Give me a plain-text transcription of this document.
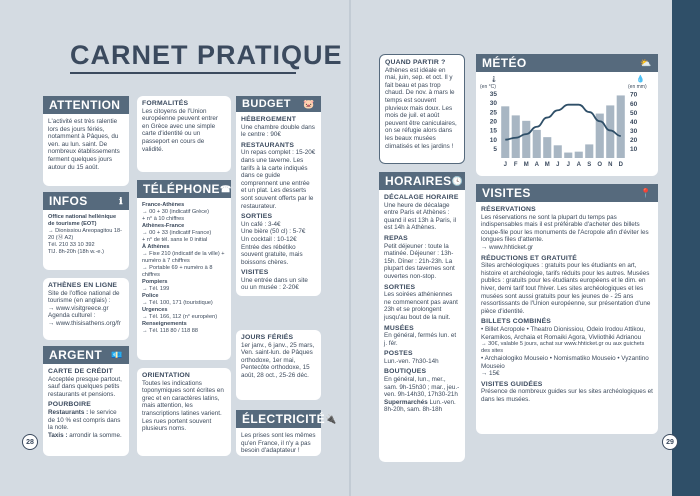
CARNET PRATIQUE
ATTENTION
L'activité est très ralentie lors des jours fériés, notamment à Pâques, du ven. au lun. saint. De nombreux établissements ferment quelques jours autour du 15 août.
FORMALITÉS
Les citoyens de l'Union européenne peuvent entrer en Grèce avec une simple carte d'identité ou un passeport en cours de validité.
BUDGET 🐷
HÉBERGEMENT
Une chambre double dans le centre : 90€
RESTAURANTS
Un repas complet : 15-20€ dans une taverne. Les tarifs à la carte indiqués dans ce guide comprennent une entrée et un plat. Les desserts sont souvent offerts par le restaurateur.
SORTIES
Un café : 3-4€
Une bière (50 cl) : 5-7€
Un cocktail : 10-12€
Entrée des rébétiko souvent gratuite, mais boissons chères.
VISITES
Une entrée dans un site ou un musée : 2-20€
INFOS	ℹ
Office national hellénique de tourisme (EOT)
→ Dionissiou Areopagitou 18-20 (Ⓜ A2)
Tél. 210 33 10 392
TlJ. 8h-20h (18h w.-e.)
TÉLÉPHONE ☎
France-Athènes
→ 00 + 30 (indicatif Grèce)
+ n° à 10 chiffres
Athènes-France
→ 00 + 33 (indicatif France)
+ n° de tél. sans le 0 initial
À Athènes
→ Fixe 210 (indicatif de la ville) + numéro à 7 chiffres
→ Portable 69 + numéro à 8 chiffres
Pompiers
→ Tél. 199
Police
→ Tél. 100, 171 (touristique)
Urgences
→ Tél. 166, 112 (n° européen)
Renseignements
→ Tél. 118 80 / 118 88
ATHÈNES EN LIGNE
Site de l'office national de tourisme (en anglais) :
→ www.visitgreece.gr
Agenda culturel :
→ www.thisisathens.org/fr
ARGENT 💶
CARTE DE CRÉDIT
Acceptée presque partout, sauf dans quelques petits restaurants et pensions.
POURBOIRE
Restaurants : le service de 10 % est compris dans la note.
Taxis : arrondir la somme.
ORIENTATION
Toutes les indications toponymiques sont écrites en grec et en caractères latins, mais attention, les transcriptions latines varient. Les rues portent souvent plusieurs noms.
JOURS FÉRIÉS
1er janv., 6 janv., 25 mars, Ven. saint-lun. de Pâques orthodoxe, 1er mai, Pentecôte orthodoxe, 15 août, 28 oct., 25-26 déc.
ÉLECTRICITÉ 🔌
Les prises sont les mêmes qu'en France, il n'y a pas besoin d'adaptateur !
QUAND PARTIR ?
Athènes est idéale en mai, juin, sep. et oct. Il y fait beau et pas trop chaud. De nov. à mars le temps est souvent pluvieux mais doux. Les mois de juil. et août peuvent être caniculaires, on se réfugie alors dans les beaux musées climatisés et les jardins !
HORAIRES 🕓
DÉCALAGE HORAIRE
Une heure de décalage entre Paris et Athènes : quand il est 13h à Paris, il est 14h à Athènes.
REPAS
Petit déjeuner : toute la matinée. Déjeuner : 13h-15h. Dîner : 21h-23h. La plupart des tavernes sont ouvertes non-stop.
SORTIES
Les soirées athéniennes ne commencent pas avant 23h et se prolongent jusqu'au bout de la nuit.
MUSÉES
En général, fermés lun. et j. fér.
POSTES
Lun.-ven. 7h30-14h
BOUTIQUES
En général, lun., mer., sam. 9h-15h30 ; mar., jeu.-ven. 9h-14h30, 17h30-21h
Supermarchés Lun.-ven. 8h-20h, sam. 8h-18h
MÉTÉO	⛅
🌡
(en °C)
💧
(en mm)
5
10
15
20
25
30
35
10
20
30
40
50
60
70
J F M A M J J A S O N D
VISITES	📍
RÉSERVATIONS
Les réservations ne sont la plupart du temps pas indispensables mais il est préférable d'acheter des billets coupe-file pour les monuments de l'Acropole afin d'éviter les longues files d'attente.
→ www.hhticket.gr
RÉDUCTIONS ET GRATUITÉ
Sites archéologiques : gratuits pour les étudiants en art, histoire et archéologie, tarifs réduits pour les autres. Musées publics : gratuits pour les étudiants européens et le dim. en hiver, demi tarif tout l'hiver. Les sites archéologiques et les musées sont aussi gratuits pour les jeunes de - 25 ans ressortissants de l'Union européenne, sur présentation d'une pièce d'identité.
BILLETS COMBINÉS
• Billet Acropole • Theatro Dionissiou, Odeio Irodou Attikou, Keramikos, Archaia et Romaiki Agora, Vivliothiki Adrianou
→ 30€, valable 5 jours, achat sur www.hhticket.gr ou aux guichets des sites
• Archaiologiko Mouseio • Nomismatiko Mouseio • Vyzantino Mouseio
→ 15€
VISITES GUIDÉES
Présence de nombreux guides sur les sites archéologiques et dans les musées.
28	29
